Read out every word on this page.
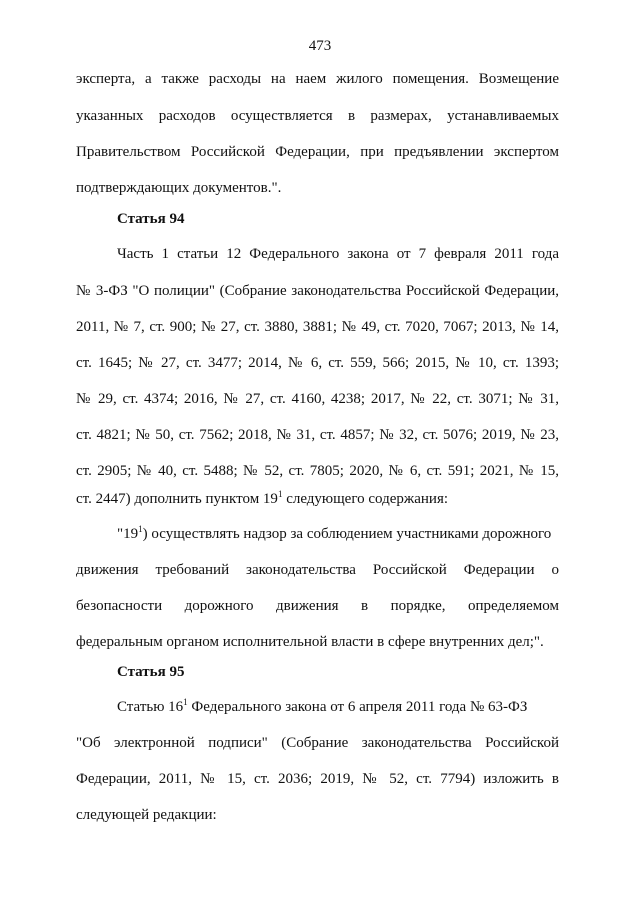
473
эксперта, а также расходы на наем жилого помещения. Возмещение
указанных расходов осуществляется в размерах, устанавливаемых
Правительством Российской Федерации, при предъявлении экспертом
подтверждающих документов.".
Статья 94
Часть 1 статьи 12 Федерального закона от 7 февраля 2011 года
№ 3-ФЗ "О полиции" (Собрание законодательства Российской Федерации,
2011, № 7, ст. 900; № 27, ст. 3880, 3881; № 49, ст. 7020, 7067; 2013, № 14,
ст. 1645; № 27, ст. 3477; 2014, № 6, ст. 559, 566; 2015, № 10, ст. 1393;
№ 29, ст. 4374; 2016, № 27, ст. 4160, 4238; 2017, № 22, ст. 3071; № 31,
ст. 4821; № 50, ст. 7562; 2018, № 31, ст. 4857; № 32, ст. 5076; 2019, № 23,
ст. 2905; № 40, ст. 5488; № 52, ст. 7805; 2020, № 6, ст. 591; 2021, № 15,
ст. 2447) дополнить пунктом $19^1$ следующего содержания:
"$19^1$) осуществлять надзор за соблюдением участниками дорожного
движения требований законодательства Российской Федерации о
безопасности дорожного движения в порядке, определяемом
федеральным органом исполнительной власти в сфере внутренних дел;".
Статья 95
Статью $16^1$ Федерального закона от 6 апреля 2011 года № 63-ФЗ
"Об электронной подписи" (Собрание законодательства Российской
Федерации, 2011, № 15, ст. 2036; 2019, № 52, ст. 7794) изложить в
следующей редакции:
